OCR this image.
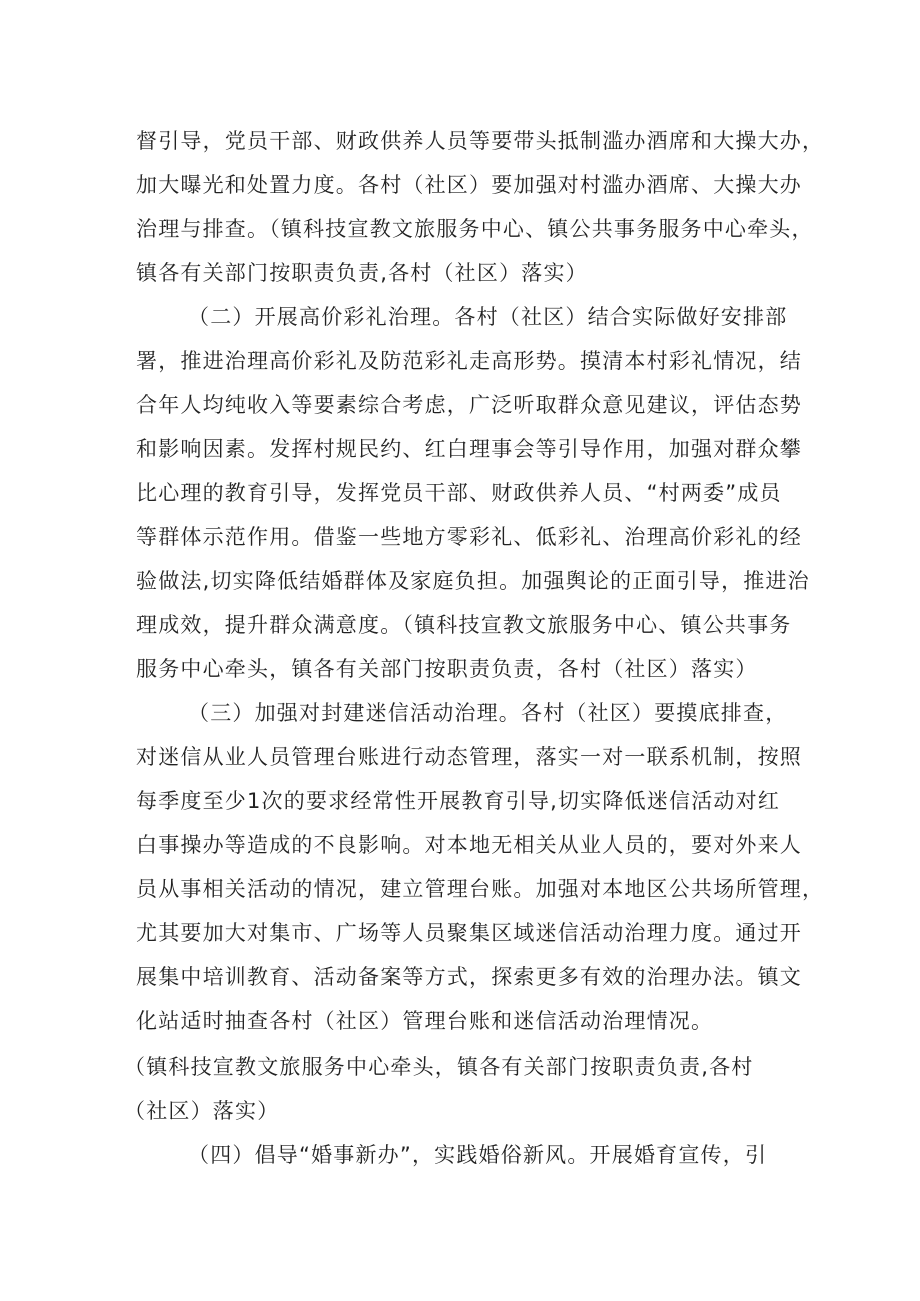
督引导，党员干部、财政供养人员等要带头抵制滥办酒席和大操大办，
加大曝光和处置力度。各村（社区）要加强对村滥办酒席、大操大办
治理与排查。（镇科技宣教文旅服务中心、镇公共事务服务中心牵头，
镇各有关部门按职责负责,各村（社区）落实）
（二）开展高价彩礼治理。各村（社区）结合实际做好安排部
署，推进治理高价彩礼及防范彩礼走高形势。摸清本村彩礼情况，结
合年人均纯收入等要素综合考虑，广泛听取群众意见建议，评估态势
和影响因素。发挥村规民约、红白理事会等引导作用，加强对群众攀
比心理的教育引导，发挥党员干部、财政供养人员、“村两委”成员
等群体示范作用。借鉴一些地方零彩礼、低彩礼、治理高价彩礼的经
验做法,切实降低结婚群体及家庭负担。加强舆论的正面引导，推进治
理成效，提升群众满意度。（镇科技宣教文旅服务中心、镇公共事务
服务中心牵头，镇各有关部门按职责负责，各村（社区）落实）
（三）加强对封建迷信活动治理。各村（社区）要摸底排查，
对迷信从业人员管理台账进行动态管理，落实一对一联系机制，按照
每季度至少1次的要求经常性开展教育引导,切实降低迷信活动对红
白事操办等造成的不良影响。对本地无相关从业人员的，要对外来人
员从事相关活动的情况，建立管理台账。加强对本地区公共场所管理，
尤其要加大对集市、广场等人员聚集区域迷信活动治理力度。通过开
展集中培训教育、活动备案等方式，探索更多有效的治理办法。镇文
化站适时抽查各村（社区）管理台账和迷信活动治理情况。
（镇科技宣教文旅服务中心牵头，镇各有关部门按职责负责,各村
（社区）落实）
（四）倡导“婚事新办”，实践婚俗新风。开展婚育宣传，引
